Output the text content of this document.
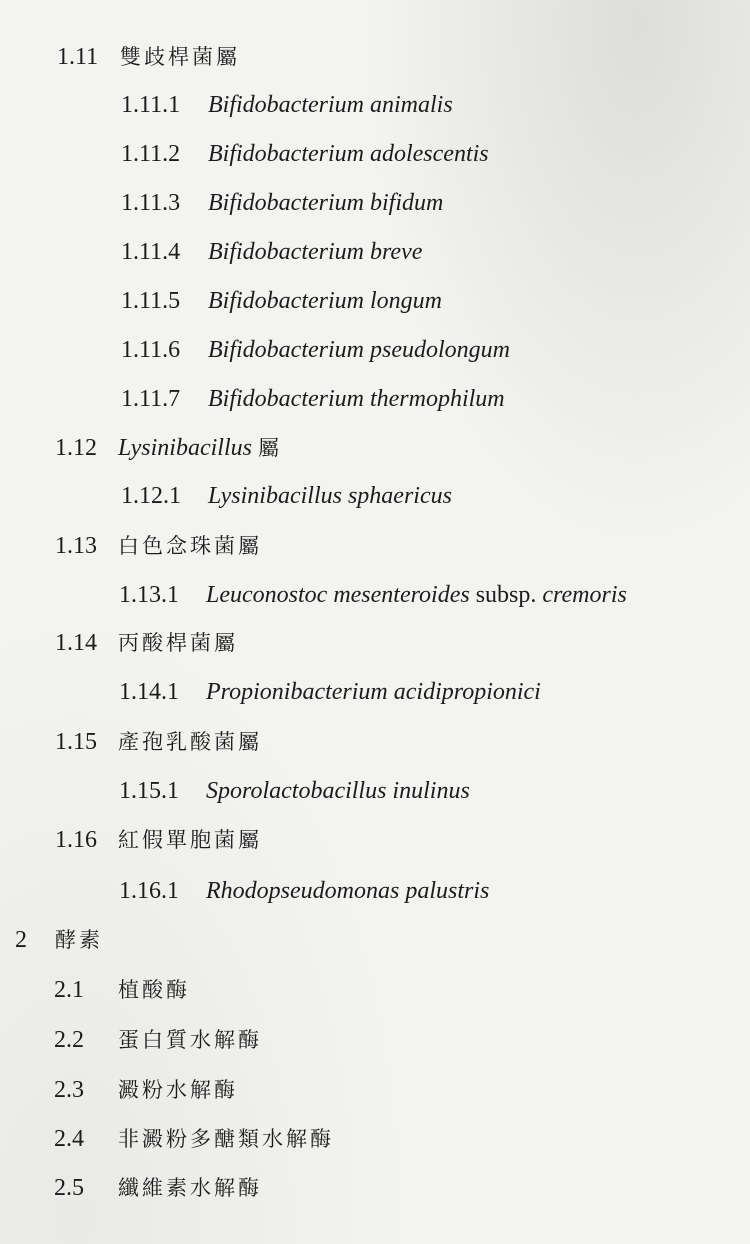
1.11 雙歧桿菌屬
1.11.1 Bifidobacterium animalis
1.11.2 Bifidobacterium adolescentis
1.11.3 Bifidobacterium bifidum
1.11.4 Bifidobacterium breve
1.11.5 Bifidobacterium longum
1.11.6 Bifidobacterium pseudolongum
1.11.7 Bifidobacterium thermophilum
1.12 Lysinibacillus 屬
1.12.1 Lysinibacillus sphaericus
1.13 白色念珠菌屬
1.13.1 Leuconostoc mesenteroides subsp. cremoris
1.14 丙酸桿菌屬
1.14.1 Propionibacterium acidipropionici
1.15 產孢乳酸菌屬
1.15.1 Sporolactobacillus inulinus
1.16 紅假單胞菌屬
1.16.1 Rhodopseudomonas palustris
2 酵素
2.1 植酸酶
2.2 蛋白質水解酶
2.3 澱粉水解酶
2.4 非澱粉多醣類水解酶
2.5 纖維素水解酶
